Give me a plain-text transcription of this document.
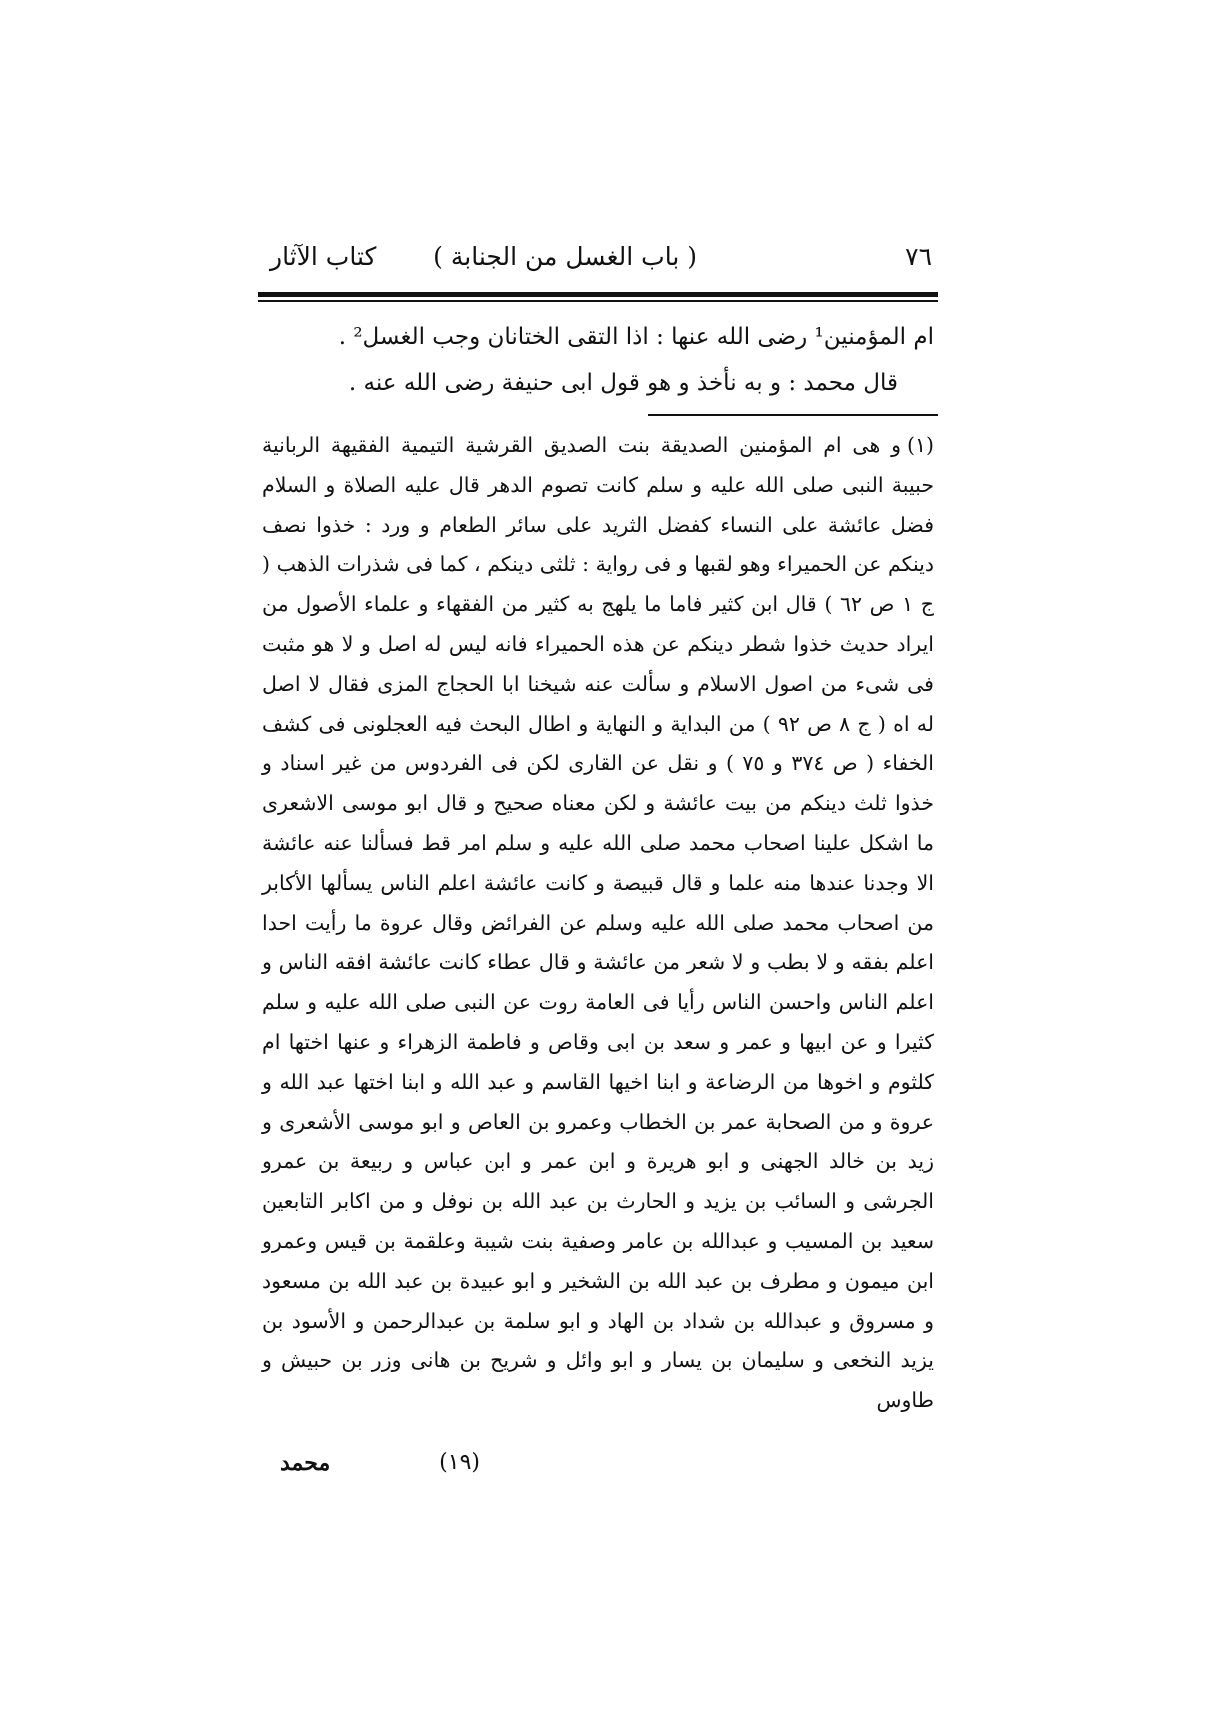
٧٦
( باب الغسل من الجنابة )
كتاب الآثار

ام المؤمنين¹ رضی الله عنها : اذا التقى الختانان وجب الغسل² .

قال محمد : و به نأخذ و هو قول ابی حنیفة رضی الله عنه .

(١)و هی ام المؤمنین الصدیقة بنت الصدیق القرشیة التیمیة الفقیهة الربانیة حبیبة النبی صلى الله علیه و سلم کانت تصوم الدهر قال علیه الصلاة و السلام فضل عائشة على النساء کفضل الثرید على سائر الطعام و ورد : خذوا نصف دینکم عن الحمیراء وهو لقبها و فی روایة : ثلثی دینکم ، کما فی شذرات الذهب ( ج ١ ص ٦٢ ) قال ابن کثیر فاما ما یلهج به کثیر من الفقهاء و علماء الأصول من ایراد حدیث خذوا شطر دینکم عن هذه الحمیراء فانه لیس له اصل و لا هو مثبت فی شیء من اصول الاسلام و سألت عنه شیخنا ابا الحجاج المزی فقال لا اصل له اه ( ج ٨ ص ٩٢ ) من البدایة و النهایة و اطال البحث فیه العجلونی فی کشف الخفاء ( ص ٣٧٤ و ٧٥ ) و نقل عن القاری لکن فی الفردوس من غیر اسناد و خذوا ثلث دینکم من بیت عائشة و لکن معناه صحیح و قال ابو موسى الاشعری ما اشکل علینا اصحاب محمد صلى الله علیه و سلم امر قط فسألنا عنه عائشة الا وجدنا عندها منه علما و قال قبیصة و کانت عائشة اعلم الناس یسألها الأکابر من اصحاب محمد صلى الله علیه وسلم عن الفرائض وقال عروة ما رأیت احدا اعلم بفقه و لا بطب و لا شعر من عائشة و قال عطاء کانت عائشة افقه الناس و اعلم الناس واحسن الناس رأیا فی العامة روت عن النبی صلى الله علیه و سلم کثیرا و عن ابیها و عمر و سعد بن ابی وقاص و فاطمة الزهراء و عنها اختها ام کلثوم و اخوها من الرضاعة و ابنا اخیها القاسم و عبد الله و ابنا اختها عبد الله و عروة و من الصحابة عمر بن الخطاب وعمرو بن العاص و ابو موسى الأشعری و زید بن خالد الجهنی و ابو هریرة و ابن عمر و ابن عباس و ربیعة بن عمرو الجرشی و السائب بن یزید و الحارث بن عبد الله بن نوفل و من اکابر التابعین سعید بن المسیب و عبدالله بن عامر وصفیة بنت شیبة وعلقمة بن قیس وعمرو ابن میمون و مطرف بن عبد الله بن الشخیر و ابو عبیدة بن عبد الله بن مسعود و مسروق و عبدالله بن شداد بن الهاد و ابو سلمة بن عبدالرحمن و الأسود بن یزید النخعی و سلیمان بن یسار و ابو وائل و شریح بن هانی وزر بن حبیش و طاوس

(١٩)
محمد
